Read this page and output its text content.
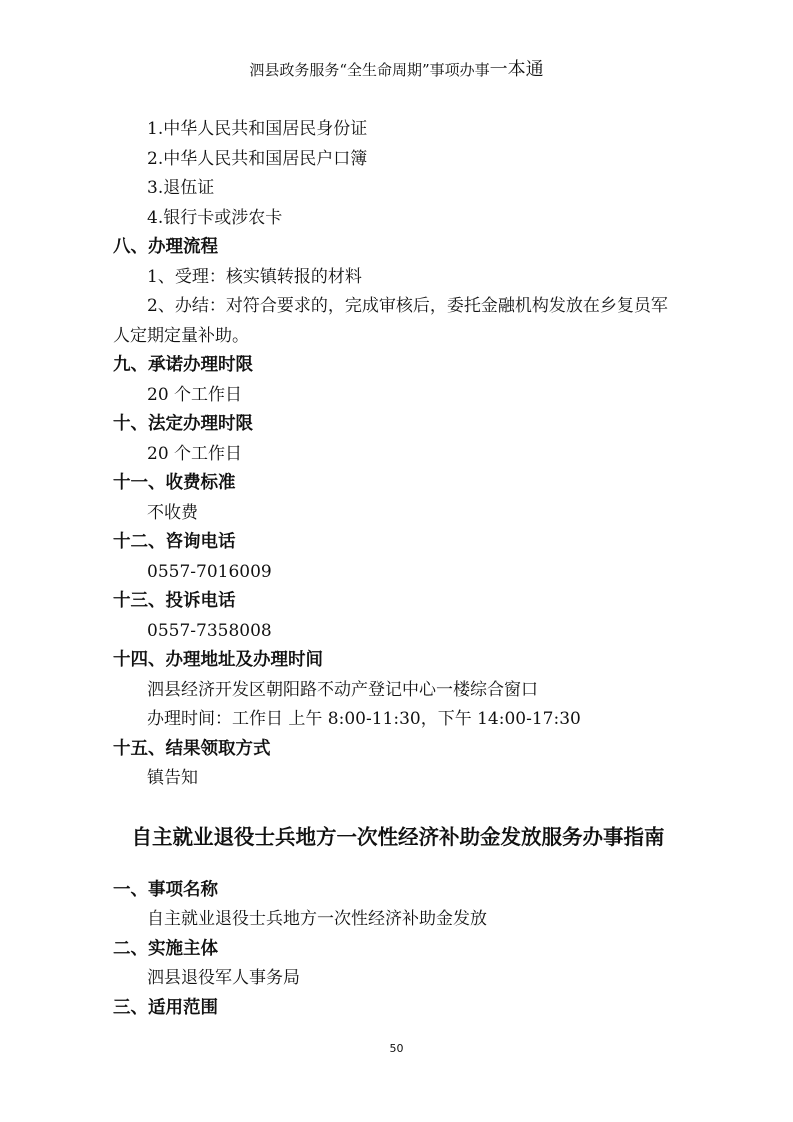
泗县政务服务“全生命周期”事项办事一本通
1.中华人民共和国居民身份证
2.中华人民共和国居民户口簿
3.退伍证
4.银行卡或涉农卡
八、办理流程
1、受理：核实镇转报的材料
2、办结：对符合要求的，完成审核后，委托金融机构发放在乡复员军人定期定量补助。
九、承诺办理时限
20 个工作日
十、法定办理时限
20 个工作日
十一、收费标准
不收费
十二、咨询电话
0557-7016009
十三、投诉电话
0557-7358008
十四、办理地址及办理时间
泗县经济开发区朝阳路不动产登记中心一楼综合窗口
办理时间：工作日 上午 8:00-11:30，下午 14:00-17:30
十五、结果领取方式
镇告知
自主就业退役士兵地方一次性经济补助金发放服务办事指南
一、事项名称
自主就业退役士兵地方一次性经济补助金发放
二、实施主体
泗县退役军人事务局
三、适用范围
50
